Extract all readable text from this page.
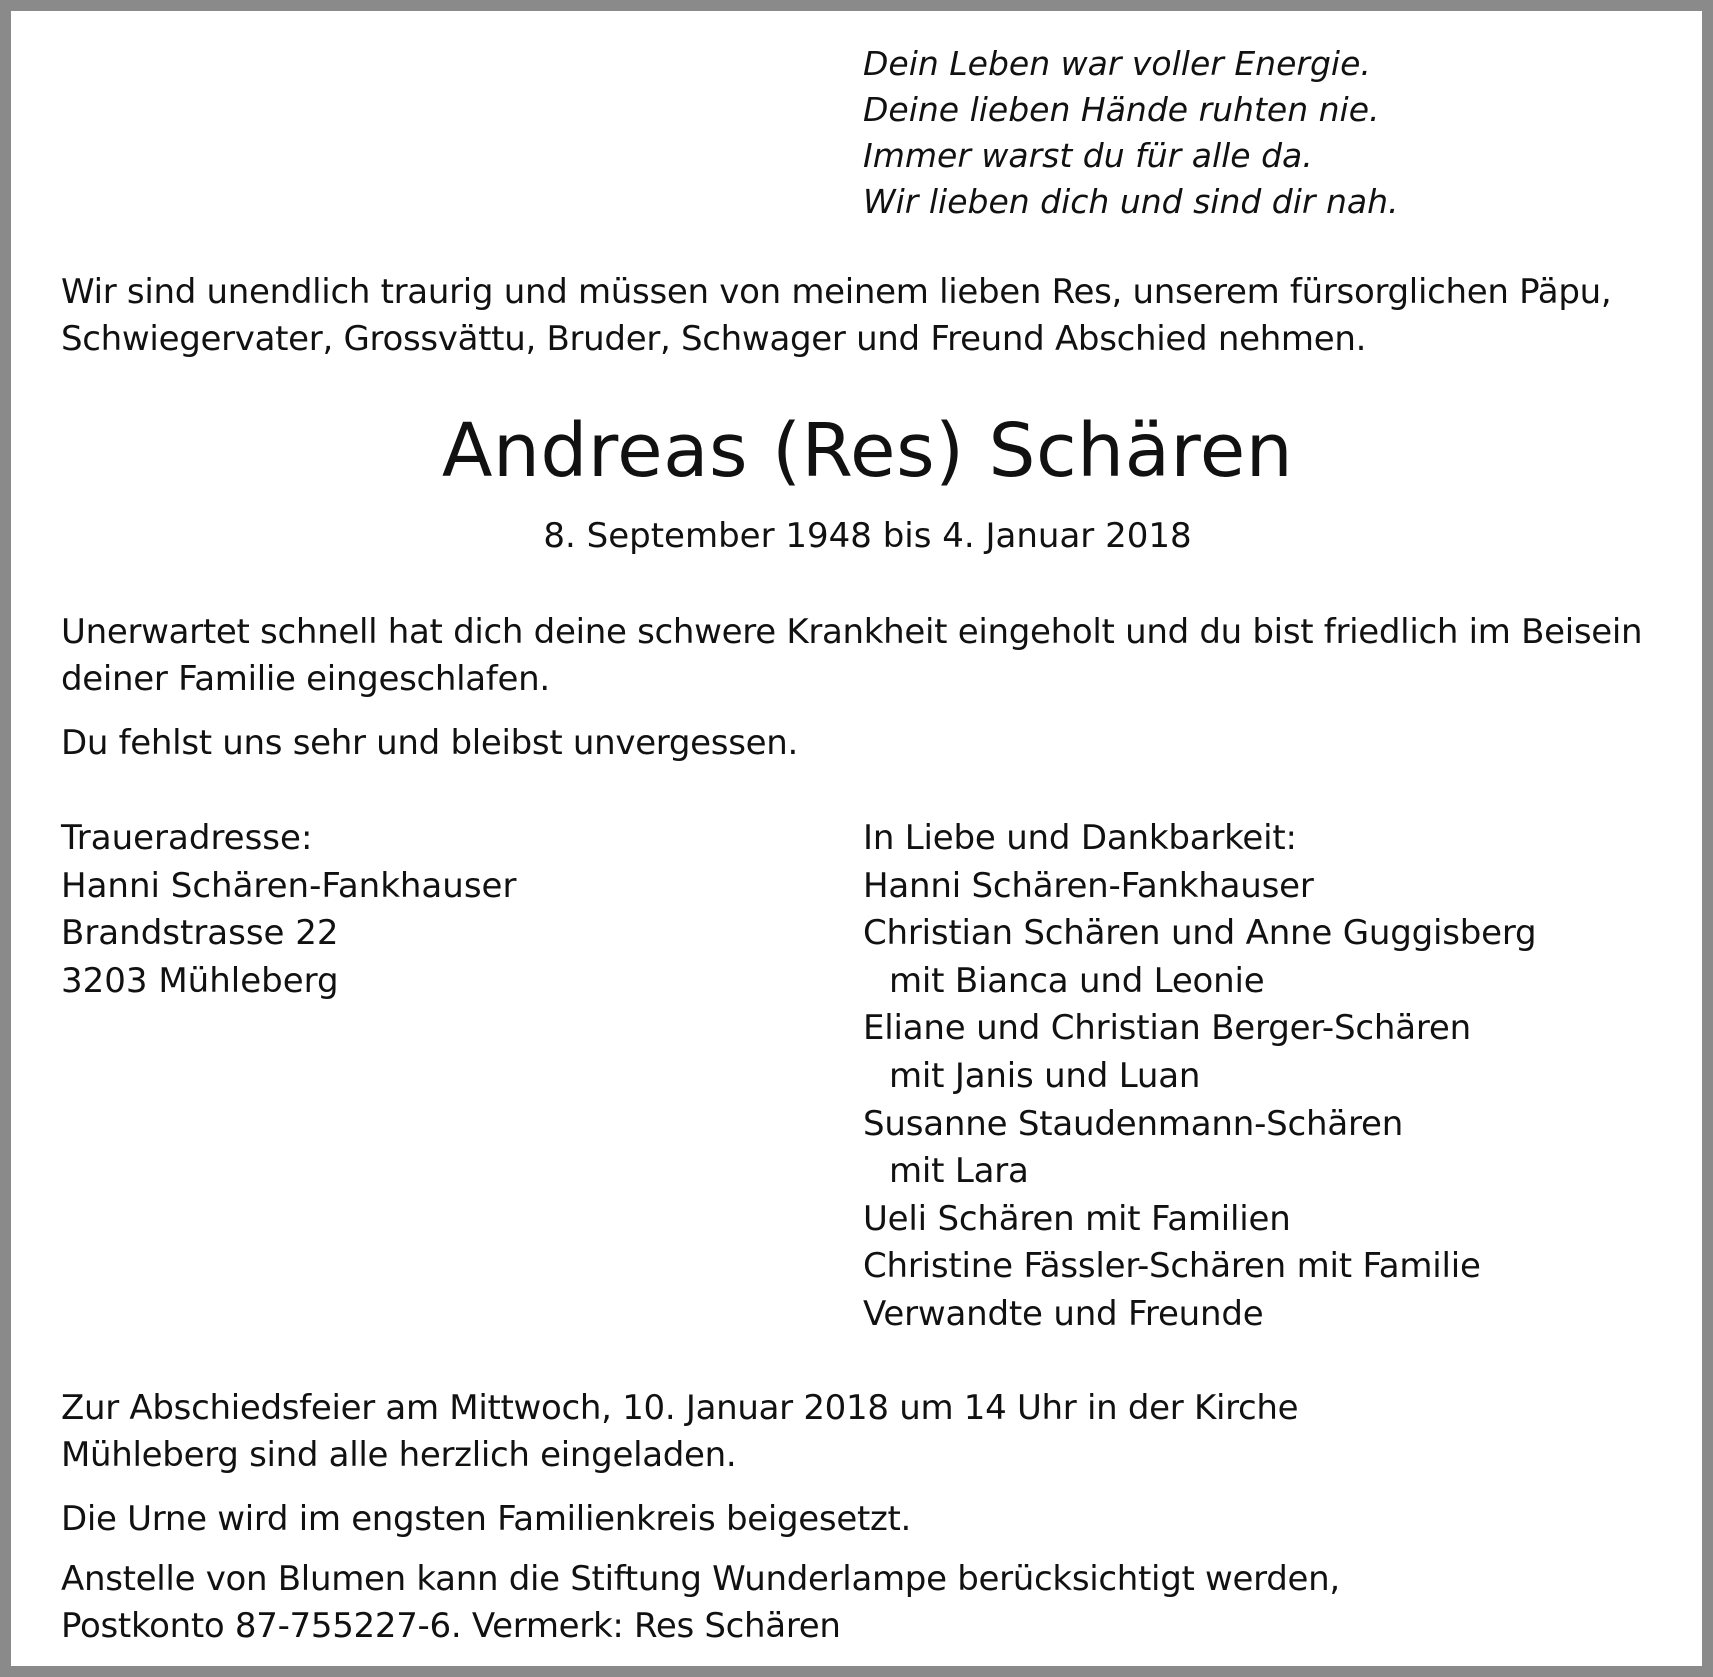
Dein Leben war voller Energie.
Deine lieben Hände ruhten nie.
Immer warst du für alle da.
Wir lieben dich und sind dir nah.
Wir sind unendlich traurig und müssen von meinem lieben Res, unserem fürsorglichen Päpu,
Schwiegervater, Grossvättu, Bruder, Schwager und Freund Abschied nehmen.
Andreas (Res) Schären
8. September 1948 bis 4. Januar 2018
Unerwartet schnell hat dich deine schwere Krankheit eingeholt und du bist friedlich im Beisein
deiner Familie eingeschlafen.
Du fehlst uns sehr und bleibst unvergessen.
Traueradresse:
Hanni Schären-Fankhauser
Brandstrasse 22
3203 Mühleberg
In Liebe und Dankbarkeit:
Hanni Schären-Fankhauser
Christian Schären und Anne Guggisberg
mit Bianca und Leonie
Eliane und Christian Berger-Schären
mit Janis und Luan
Susanne Staudenmann-Schären
mit Lara
Ueli Schären mit Familien
Christine Fässler-Schären mit Familie
Verwandte und Freunde
Zur Abschiedsfeier am Mittwoch, 10. Januar 2018 um 14 Uhr in der Kirche
Mühleberg sind alle herzlich eingeladen.
Die Urne wird im engsten Familienkreis beigesetzt.
Anstelle von Blumen kann die Stiftung Wunderlampe berücksichtigt werden,
Postkonto 87-755227-6. Vermerk: Res Schären
